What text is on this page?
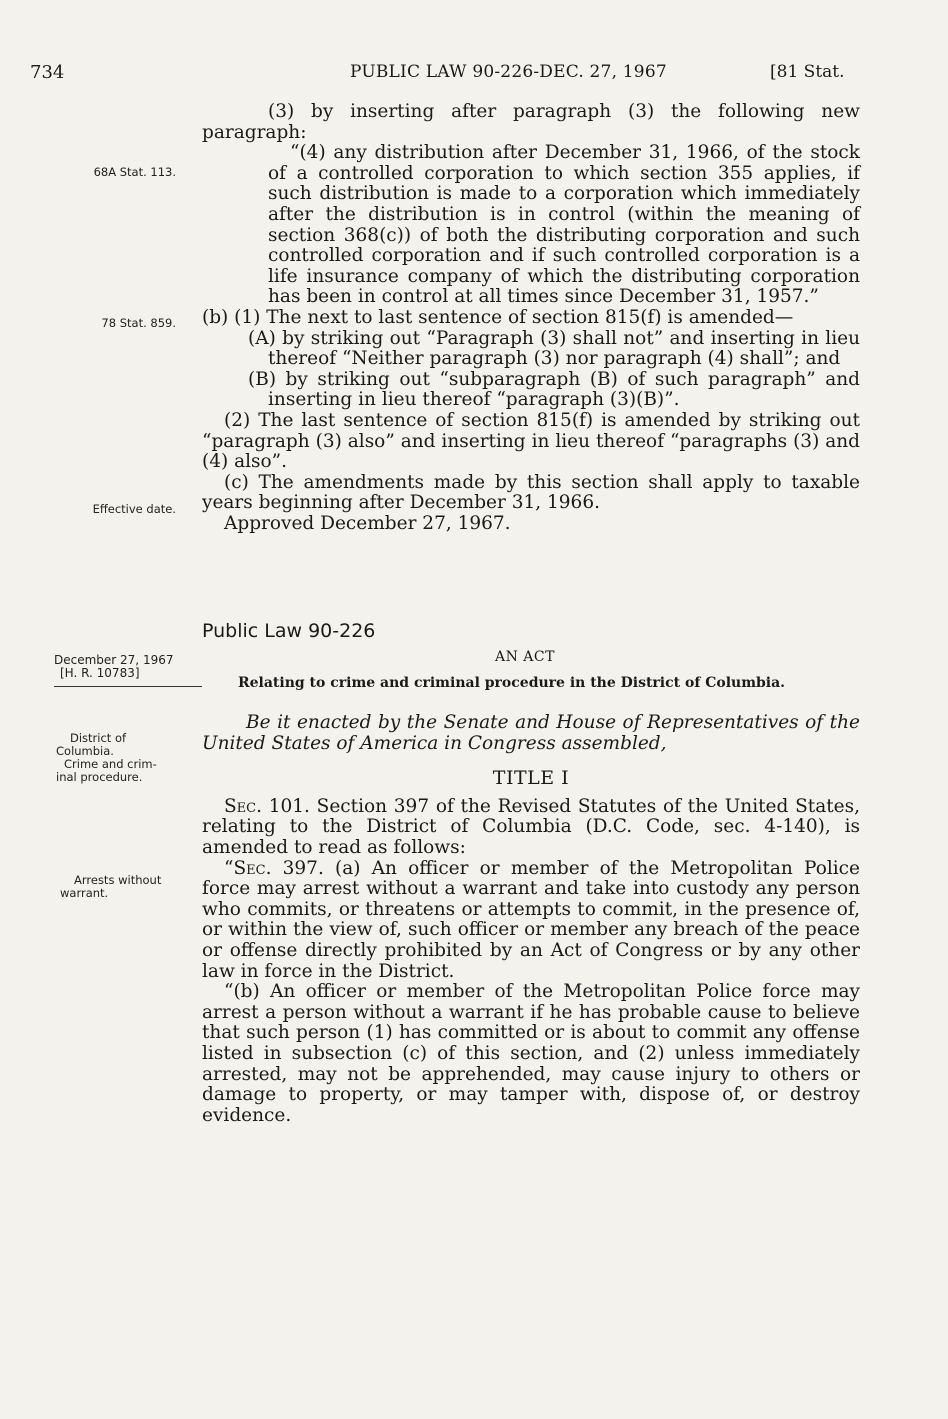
734	PUBLIC LAW 90-226-DEC. 27, 1967	[81 Stat.
68A Stat. 113.
78 Stat. 859.
Effective date.
December 27, 1967
[H. R. 10783]
District of
Columbia.
Crime and crim-
inal procedure.
Arrests without
warrant.

(3) by inserting after paragraph (3) the following new paragraph:

“(4) any distribution after December 31, 1966, of the stock of a controlled corporation to which section 355 applies, if such distribution is made to a corporation which immediately after the distribution is in control (within the meaning of section 368(c)) of both the distributing corporation and such controlled corporation and if such controlled corporation is a life insurance company of which the distributing corporation has been in control at all times since December 31, 1957.”

(b) (1) The next to last sentence of section 815(f) is amended—

(A) by striking out “Paragraph (3) shall not” and inserting in lieu thereof “Neither paragraph (3) nor paragraph (4) shall”; and

(B) by striking out “subparagraph (B) of such paragraph” and inserting in lieu thereof “paragraph (3)(B)”.

(2) The last sentence of section 815(f) is amended by striking out “paragraph (3) also” and inserting in lieu thereof “paragraphs (3) and (4) also”.

(c) The amendments made by this section shall apply to taxable years beginning after December 31, 1966.

Approved December 27, 1967.

Public Law 90-226
AN ACT
Relating to crime and criminal procedure in the District of Columbia.

Be it enacted by the Senate and House of Representatives of the United States of America in Congress assembled,

TITLE I

Sec. 101. Section 397 of the Revised Statutes of the United States, relating to the District of Columbia (D.C. Code, sec. 4-140), is amended to read as follows:

“Sec. 397. (a) An officer or member of the Metropolitan Police force may arrest without a warrant and take into custody any person who commits, or threatens or attempts to commit, in the presence of, or within the view of, such officer or member any breach of the peace or offense directly prohibited by an Act of Congress or by any other law in force in the District.

“(b) An officer or member of the Metropolitan Police force may arrest a person without a warrant if he has probable cause to believe that such person (1) has committed or is about to commit any offense listed in subsection (c) of this section, and (2) unless immediately arrested, may not be apprehended, may cause injury to others or damage to property, or may tamper with, dispose of, or destroy evidence.
